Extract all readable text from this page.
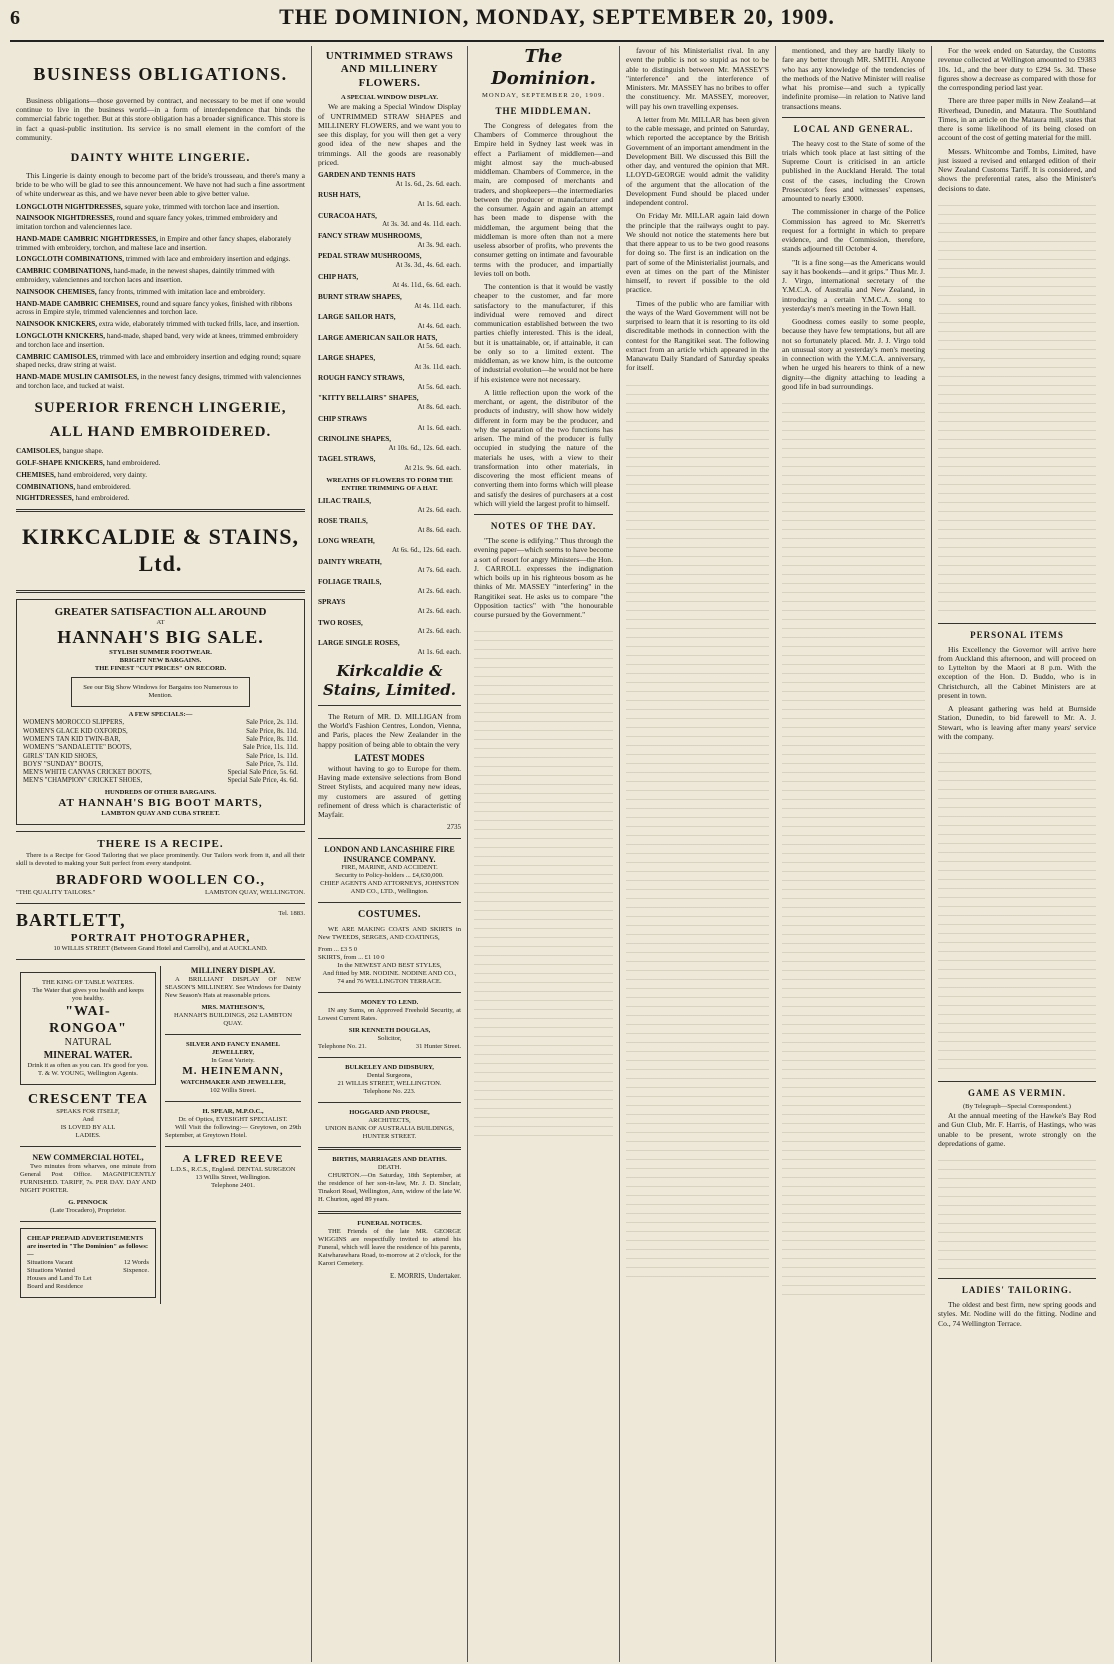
6	THE DOMINION, MONDAY, SEPTEMBER 20, 1909.
BUSINESS OBLIGATIONS.

Business obligations—those governed by contract, and necessary to be met if one would continue to live in the business world—in a form of interdependence that binds the commercial fabric together. But at this store obligation has a broader significance. This store is in fact a quasi-public institution. Its service is no small element in the comfort of the community.

DAINTY WHITE LINGERIE.

This Lingerie is dainty enough to become part of the bride's trousseau, and there's many a bride to be who will be glad to see this announcement. We have not had such a fine assortment of white underwear as this, and we have never been able to give better value.

LONGCLOTH NIGHTDRESSES, square yoke, trimmed with torchon lace and insertion.
NAINSOOK NIGHTDRESSES, round and square fancy yokes, trimmed embroidery and imitation torchon and valenciennes lace.
HAND-MADE CAMBRIC NIGHTDRESSES, in Empire and other fancy shapes, elaborately trimmed with embroidery, torchon, and maltese lace and insertion.
LONGCLOTH COMBINATIONS, trimmed with lace and embroidery insertion and edgings.
CAMBRIC COMBINATIONS, hand-made, in the newest shapes, daintily trimmed with embroidery, valenciennes and torchon laces and insertion.
NAINSOOK CHEMISES, fancy fronts, trimmed with imitation lace and embroidery.
HAND-MADE CAMBRIC CHEMISES, round and square fancy yokes, finished with ribbons across in Empire style, trimmed valenciennes and torchon lace.
NAINSOOK KNICKERS, extra wide, elaborately trimmed with tucked frills, lace, and insertion.
LONGCLOTH KNICKERS, hand-made, shaped band, very wide at knees, trimmed embroidery and torchon lace and insertion.
CAMBRIC CAMISOLES, trimmed with lace and embroidery insertion and edging round; square shaped necks, draw string at waist.
HAND-MADE MUSLIN CAMISOLES, in the newest fancy designs, trimmed with valenciennes and torchon lace, and tucked at waist.
SUPERIOR FRENCH LINGERIE,
ALL HAND EMBROIDERED.
CAMISOLES, bangue shape.
GOLF-SHAPE KNICKERS, hand embroidered.
CHEMISES, hand embroidered, very dainty.
COMBINATIONS, hand embroidered.
NIGHTDRESSES, hand embroidered.
KIRKCALDIE & STAINS, Ltd.
GREATER SATISFACTION ALL AROUND
AT
HANNAH'S BIG SALE.
STYLISH SUMMER FOOTWEAR.
BRIGHT NEW BARGAINS.
THE FINEST "CUT PRICES" ON RECORD.
See our Big Show Windows for Bargains too Numerous to Mention.
A FEW SPECIALS:—
WOMEN'S MOROCCO SLIPPERS,	Sale Price, 2s. 11d.
WOMEN'S GLACE KID OXFORDS,	Sale Price, 8s. 11d.
WOMEN'S TAN KID TWIN-BAR,	Sale Price, 8s. 11d.
WOMEN'S "SANDALETTE" BOOTS,	Sale Price, 11s. 11d.
GIRLS' TAN KID SHOES,	Sale Price, 1s. 11d.
BOYS' "SUNDAY" BOOTS,	Sale Price, 7s. 11d.
MEN'S WHITE CANVAS CRICKET BOOTS,	Special Sale Price, 5s. 6d.
MEN'S "CHAMPION" CRICKET SHOES,	Special Sale Price, 4s. 6d.
HUNDREDS OF OTHER BARGAINS.
AT HANNAH'S BIG BOOT MARTS,
LAMBTON QUAY AND CUBA STREET.
THERE IS A RECIPE.

There is a Recipe for Good Tailoring that we place prominently. Our Tailors work from it, and all their skill is devoted to making your Suit perfect from every standpoint.

BRADFORD WOOLLEN CO.,
"THE QUALITY TAILORS."	LAMBTON QUAY, WELLINGTON.
BARTLETT,	Tel. 1883.
PORTRAIT PHOTOGRAPHER,
10 WILLIS STREET (Between Grand Hotel and Carroll's), and at AUCKLAND.
THE KING OF TABLE WATERS.
The Water that gives you health and keeps you healthy.
"WAI-RONGOA"
NATURAL
MINERAL WATER.
Drink it as often as you can. It's good for you.
T. & W. YOUNG, Wellington Agents.
CRESCENT TEA
SPEAKS FOR ITSELF,
And
IS LOVED BY ALL
LADIES.
NEW COMMERCIAL HOTEL,

Two minutes from wharves, one minute from General Post Office. MAGNIFICENTLY FURNISHED. TARIFF, 7s. PER DAY. DAY AND NIGHT PORTER.

G. PINNOCK
(Late Trocadero), Proprietor.
CHEAP PREPAID ADVERTISEMENTS are inserted in "The Dominion" as follows:—
Situations Vacant	12 Words
Situations Wanted	Sixpence.
Houses and Land To Let
Board and Residence
MILLINERY DISPLAY.

A BRILLIANT DISPLAY OF NEW SEASON'S MILLINERY. See Windows for Dainty New Season's Hats at reasonable prices.

MRS. MATHESON'S,
HANNAH'S BUILDINGS, 262 LAMBTON QUAY.
SILVER AND FANCY ENAMEL JEWELLERY,
In Great Variety.
M. HEINEMANN,
WATCHMAKER AND JEWELLER,
102 Willis Street.
H. SPEAR, M.P.O.C.,
Dr. of Optics, EYESIGHT SPECIALIST.

Will Visit the following:— Greytown, on 29th September, at Greytown Hotel.

A LFRED REEVE
L.D.S., R.C.S., England. DENTAL SURGEON
13 Willis Street, Wellington.
Telephone 2401.
UNTRIMMED STRAWS AND MILLINERY FLOWERS.
A SPECIAL WINDOW DISPLAY.

We are making a Special Window Display of UNTRIMMED STRAW SHAPES and MILLINERY FLOWERS, and we want you to see this display, for you will then get a very good idea of the new shapes and the trimmings. All the goods are reasonably priced.

GARDEN AND TENNIS HATS
At 1s. 6d., 2s. 6d. each.
RUSH HATS,
At 1s. 6d. each.
CURACOA HATS,
At 3s. 3d. and 4s. 11d. each.
FANCY STRAW MUSHROOMS,
At 3s. 9d. each.
PEDAL STRAW MUSHROOMS,
At 3s. 3d., 4s. 6d. each.
CHIP HATS,
At 4s. 11d., 6s. 6d. each.
BURNT STRAW SHAPES,
At 4s. 11d. each.
LARGE SAILOR HATS,
At 4s. 6d. each.
LARGE AMERICAN SAILOR HATS,
At 5s. 6d. each.
LARGE SHAPES,
At 3s. 11d. each.
ROUGH FANCY STRAWS,
At 5s. 6d. each.
"KITTY BELLAIRS" SHAPES,
At 8s. 6d. each.
CHIP STRAWS
At 1s. 6d. each.
CRINOLINE SHAPES,
At 10s. 6d., 12s. 6d. each.
TAGEL STRAWS,
At 21s. 9s. 6d. each.
WREATHS OF FLOWERS TO FORM THE ENTIRE TRIMMING OF A HAT.
LILAC TRAILS,
At 2s. 6d. each.
ROSE TRAILS,
At 8s. 6d. each.
LONG WREATH,
At 6s. 6d., 12s. 6d. each.
DAINTY WREATH,
At 7s. 6d. each.
FOLIAGE TRAILS,
At 2s. 6d. each.
SPRAYS
At 2s. 6d. each.
TWO ROSES,
At 2s. 6d. each.
LARGE SINGLE ROSES,
At 1s. 6d. each.
Kirkcaldie & Stains, Limited.

The Return of MR. D. MILLIGAN from the World's Fashion Centres, London, Vienna, and Paris, places the New Zealander in the happy position of being able to obtain the very

LATEST MODES

without having to go to Europe for them. Having made extensive selections from Bond Street Stylists, and acquired many new ideas, my customers are assured of getting refinement of dress which is characteristic of Mayfair.

2735
LONDON AND LANCASHIRE FIRE INSURANCE COMPANY.
FIRE, MARINE, AND ACCIDENT.
Security to Policy-holders ... £4,630,000.
CHIEF AGENTS AND ATTORNEYS, JOHNSTON AND CO., LTD., Wellington.
COSTUMES.

WE ARE MAKING COATS AND SKIRTS in New TWEEDS, SERGES, AND COATINGS,

From ... £3 5 0
SKIRTS, from ... £1 10 0
In the NEWEST AND BEST STYLES,
And fitted by MR. NODINE. NODINE AND CO.,
74 and 76 WELLINGTON TERRACE.
MONEY TO LEND.

IN any Sums, on Approved Freehold Security, at Lowest Current Rates.

SIR KENNETH DOUGLAS,
Solicitor,
Telephone No. 21.	31 Hunter Street.
BULKELEY AND DIDSBURY,
Dental Surgeons,
21 WILLIS STREET, WELLINGTON.
Telephone No. 223.
HOGGARD AND PROUSE,
ARCHITECTS,
UNION BANK OF AUSTRALIA BUILDINGS, HUNTER STREET.
BIRTHS, MARRIAGES AND DEATHS.
DEATH.

CHURTON.—On Saturday, 18th September, at the residence of her son-in-law, Mr. J. D. Sinclair, Tinakori Road, Wellington, Ann, widow of the late W. H. Churton, aged 89 years.

FUNERAL NOTICES.

THE Friends of the late MR. GEORGE WIGGINS are respectfully invited to attend his Funeral, which will leave the residence of his parents, Kaiwharawhara Road, to-morrow at 2 o'clock, for the Karori Cemetery.

E. MORRIS, Undertaker.
The Dominion.
MONDAY, SEPTEMBER 20, 1909.
THE MIDDLEMAN.

The Congress of delegates from the Chambers of Commerce throughout the Empire held in Sydney last week was in effect a Parliament of middlemen—and might almost say the much-abused middleman. Chambers of Commerce, in the main, are composed of merchants and traders, and shopkeepers—the intermediaries between the producer or manufacturer and the consumer. Again and again an attempt has been made to dispense with the middleman, the argument being that the middleman is more often than not a mere useless absorber of profits, who prevents the consumer getting on intimate and favourable terms with the producer, and impartially levies toll on both.

The contention is that it would be vastly cheaper to the customer, and far more satisfactory to the manufacturer, if this individual were removed and direct communication established between the two parties chiefly interested. This is the ideal, but it is unattainable, or, if attainable, it can be only so to a limited extent. The middleman, as we know him, is the outcome of industrial evolution—he would not be here if his existence were not necessary.

A little reflection upon the work of the merchant, or agent, the distributor of the products of industry, will show how widely different in form may be the producer, and why the separation of the two functions has arisen. The mind of the producer is fully occupied in studying the nature of the materials he uses, with a view to their transformation into other materials, in discovering the most efficient means of converting them into forms which will please and satisfy the desires of purchasers at a cost which will yield the largest profit to himself.

NOTES OF THE DAY.

"The scene is edifying." Thus through the evening paper—which seems to have become a sort of resort for angry Ministers—the Hon. J. CARROLL expresses the indignation which boils up in his righteous bosom as he thinks of Mr. MASSEY "interfering" in the Rangitikei seat. He asks us to compare "the Opposition tactics" with "the honourable course pursued by the Government."

favour of his Ministerialist rival. In any event the public is not so stupid as not to be able to distinguish between Mr. MASSEY'S "interference" and the interference of Ministers. Mr. MASSEY has no bribes to offer the constituency. Mr. MASSEY, moreover, will pay his own travelling expenses.

A letter from Mr. MILLAR has been given to the cable message, and printed on Saturday, which reported the acceptance by the British Government of an important amendment in the Development Bill. We discussed this Bill the other day, and ventured the opinion that MR. LLOYD-GEORGE would admit the validity of the argument that the allocation of the Development Fund should be placed under independent control.

On Friday Mr. MILLAR again laid down the principle that the railways ought to pay. We should not notice the statements here but that there appear to us to be two good reasons for doing so. The first is an indication on the part of some of the Ministerialist journals, and even at times on the part of the Minister himself, to revert if possible to the old practice.

Times of the public who are familiar with the ways of the Ward Government will not be surprised to learn that it is resorting to its old discreditable methods in connection with the contest for the Rangitikei seat. The following extract from an article which appeared in the Manawatu Daily Standard of Saturday speaks for itself.

mentioned, and they are hardly likely to fare any better through MR. SMITH. Anyone who has any knowledge of the tendencies of the methods of the Native Minister will realise what his promise—and such a typically indefinite promise—in relation to Native land transactions means.

LOCAL AND GENERAL.

The heavy cost to the State of some of the trials which took place at last sitting of the Supreme Court is criticised in an article published in the Auckland Herald. The total cost of the cases, including the Crown Prosecutor's fees and witnesses' expenses, amounted to nearly £3000.

The commissioner in charge of the Police Commission has agreed to Mr. Skerrett's request for a fortnight in which to prepare evidence, and the Commission, therefore, stands adjourned till October 4.

"It is a fine song—as the Americans would say it has bookends—and it grips." Thus Mr. J. J. Virgo, international secretary of the Y.M.C.A. of Australia and New Zealand, in introducing a certain Y.M.C.A. song to yesterday's men's meeting in the Town Hall.

Goodness comes easily to some people, because they have few temptations, but all are not so fortunately placed. Mr. J. J. Virgo told an unusual story at yesterday's men's meeting in connection with the Y.M.C.A. anniversary, when he urged his hearers to think of a new dignity—the dignity attaching to leading a good life in bad surroundings.

For the week ended on Saturday, the Customs revenue collected at Wellington amounted to £9383 10s. 1d., and the beer duty to £294 5s. 3d. These figures show a decrease as compared with those for the corresponding period last year.

There are three paper mills in New Zealand—at Riverhead, Dunedin, and Mataura. The Southland Times, in an article on the Mataura mill, states that there is some likelihood of its being closed on account of the cost of getting material for the mill.

Messrs. Whitcombe and Tombs, Limited, have just issued a revised and enlarged edition of their New Zealand Customs Tariff. It is considered, and shows the preferential rates, also the Minister's decisions to date.

PERSONAL ITEMS

His Excellency the Governor will arrive here from Auckland this afternoon, and will proceed on to Lyttelton by the Maori at 8 p.m. With the exception of the Hon. D. Buddo, who is in Christchurch, all the Cabinet Ministers are at present in town.

A pleasant gathering was held at Burnside Station, Dunedin, to bid farewell to Mr. A. J. Stewart, who is leaving after many years' service with the company.

GAME AS VERMIN.
(By Telegraph—Special Correspondent.)

At the annual meeting of the Hawke's Bay Rod and Gun Club, Mr. F. Harris, of Hastings, who was unable to be present, wrote strongly on the depredations of game.

LADIES' TAILORING.

The oldest and best firm, new spring goods and styles. Mr. Nodine will do the fitting. Nodine and Co., 74 Wellington Terrace.
